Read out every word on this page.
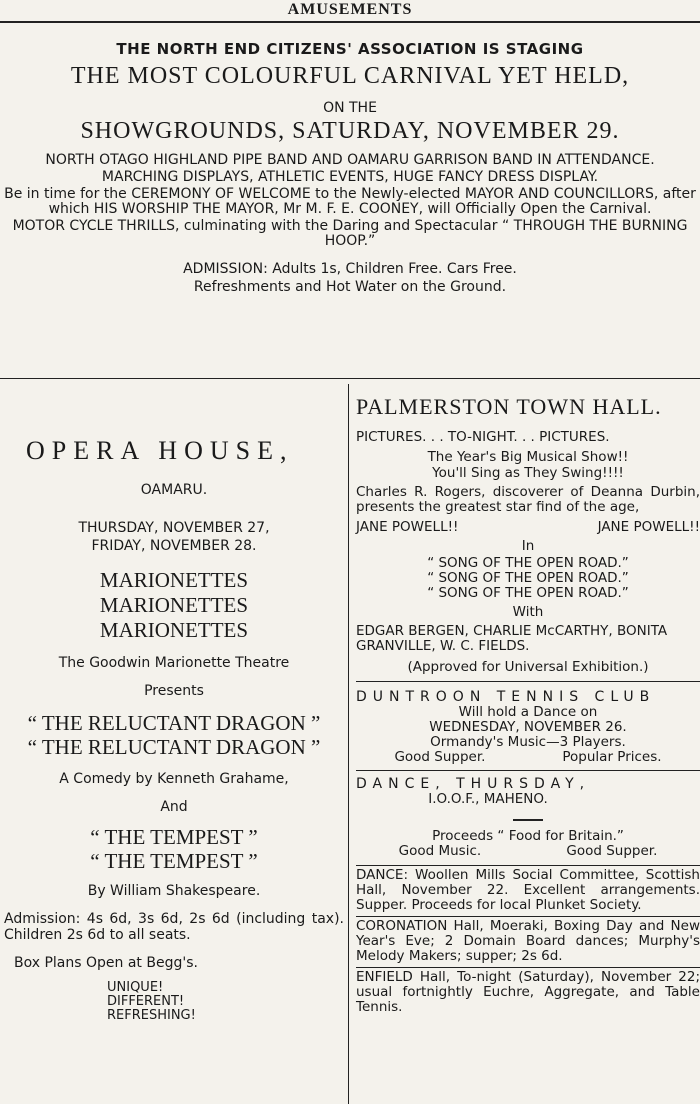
AMUSEMENTS

THE NORTH END CITIZENS' ASSOCIATION IS STAGING

THE MOST COLOURFUL CARNIVAL YET HELD,

ON THE

SHOWGROUNDS, SATURDAY, NOVEMBER 29.

NORTH OTAGO HIGHLAND PIPE BAND AND OAMARU GARRISON BAND IN ATTENDANCE.

MARCHING DISPLAYS, ATHLETIC EVENTS, HUGE FANCY DRESS DISPLAY.

Be in time for the CEREMONY OF WELCOME to the Newly-elected MAYOR AND COUNCILLORS, after which HIS WORSHIP THE MAYOR, Mr M. F. E. COONEY, will Officially Open the Carnival.

MOTOR CYCLE THRILLS, culminating with the Daring and Spectacular “ THROUGH THE BURNING HOOP.”

ADMISSION: Adults 1s, Children Free. Cars Free.

Refreshments and Hot Water on the Ground.

OPERA HOUSE,

OAMARU.

THURSDAY, NOVEMBER 27,

FRIDAY, NOVEMBER 28.

MARIONETTES

MARIONETTES

MARIONETTES

The Goodwin Marionette Theatre

Presents

“ THE RELUCTANT DRAGON ”

“ THE RELUCTANT DRAGON ”

A Comedy by Kenneth Grahame,

And

“ THE TEMPEST ”

“ THE TEMPEST ”

By William Shakespeare.

Admission: 4s 6d, 3s 6d, 2s 6d (including tax). Children 2s 6d to all seats.

Box Plans Open at Begg's.

UNIQUE!

DIFFERENT!

REFRESHING!

PALMERSTON TOWN HALL.

PICTURES. . . TO-NIGHT. . . PICTURES.

The Year's Big Musical Show!!

You'll Sing as They Swing!!!!

Charles R. Rogers, discoverer of Deanna Durbin, presents the greatest star find of the age,

JANE POWELL!!	JANE POWELL!!

In

“ SONG OF THE OPEN ROAD.”

“ SONG OF THE OPEN ROAD.”

“ SONG OF THE OPEN ROAD.”

With

EDGAR BERGEN, CHARLIE McCARTHY, BONITA GRANVILLE, W. C. FIELDS.

(Approved for Universal Exhibition.)

DUNTROON TENNIS CLUB

Will hold a Dance on

WEDNESDAY, NOVEMBER 26.

Ormandy's Music—3 Players.

Good Supper.	Popular Prices.

DANCE, THURSDAY,

I.O.O.F., MAHENO.

Proceeds “ Food for Britain.”

Good Music.	Good Supper.

DANCE: Woollen Mills Social Committee, Scottish Hall, November 22. Excellent arrangements. Supper. Proceeds for local Plunket Society.

CORONATION Hall, Moeraki, Boxing Day and New Year's Eve; 2 Domain Board dances; Murphy's Melody Makers; supper; 2s 6d.

ENFIELD Hall, To-night (Saturday), November 22; usual fortnightly Euchre, Aggregate, and Table Tennis.
